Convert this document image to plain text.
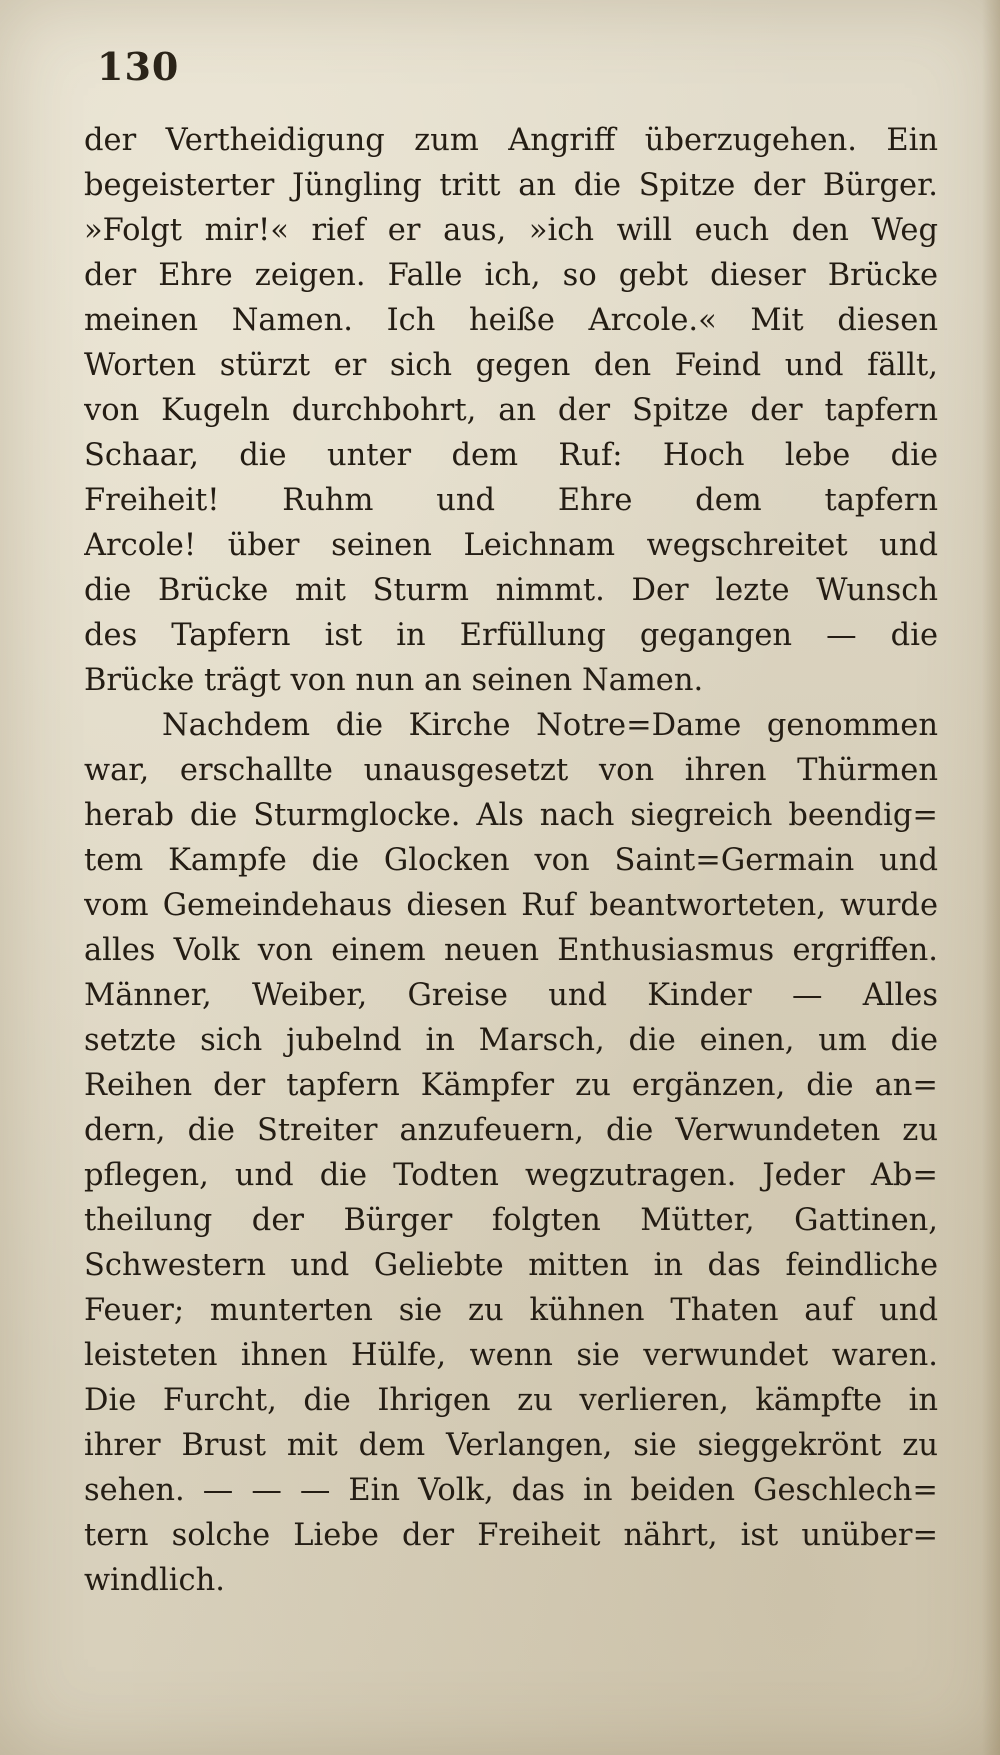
130
der Vertheidigung zum Angriff überzugehen. Ein
begeisterter Jüngling tritt an die Spitze der Bürger.
»Folgt mir!« rief er aus, »ich will euch den Weg
der Ehre zeigen. Falle ich, so gebt dieser Brücke
meinen Namen. Ich heiße Arcole.« Mit diesen
Worten stürzt er sich gegen den Feind und fällt,
von Kugeln durchbohrt, an der Spitze der tapfern
Schaar, die unter dem Ruf: Hoch lebe die
Freiheit! Ruhm und Ehre dem tapfern
Arcole! über seinen Leichnam wegschreitet und
die Brücke mit Sturm nimmt. Der lezte Wunsch
des Tapfern ist in Erfüllung gegangen — die
Brücke trägt von nun an seinen Namen.
Nachdem die Kirche Notre=Dame genommen
war, erschallte unausgesetzt von ihren Thürmen
herab die Sturmglocke. Als nach siegreich beendig=
tem Kampfe die Glocken von Saint=Germain und
vom Gemeindehaus diesen Ruf beantworteten, wurde
alles Volk von einem neuen Enthusiasmus ergriffen.
Männer, Weiber, Greise und Kinder — Alles
setzte sich jubelnd in Marsch, die einen, um die
Reihen der tapfern Kämpfer zu ergänzen, die an=
dern, die Streiter anzufeuern, die Verwundeten zu
pflegen, und die Todten wegzutragen. Jeder Ab=
theilung der Bürger folgten Mütter, Gattinen,
Schwestern und Geliebte mitten in das feindliche
Feuer; munterten sie zu kühnen Thaten auf und
leisteten ihnen Hülfe, wenn sie verwundet waren.
Die Furcht, die Ihrigen zu verlieren, kämpfte in
ihrer Brust mit dem Verlangen, sie sieggekrönt zu
sehen. — — — Ein Volk, das in beiden Geschlech=
tern solche Liebe der Freiheit nährt, ist unüber=
windlich.
